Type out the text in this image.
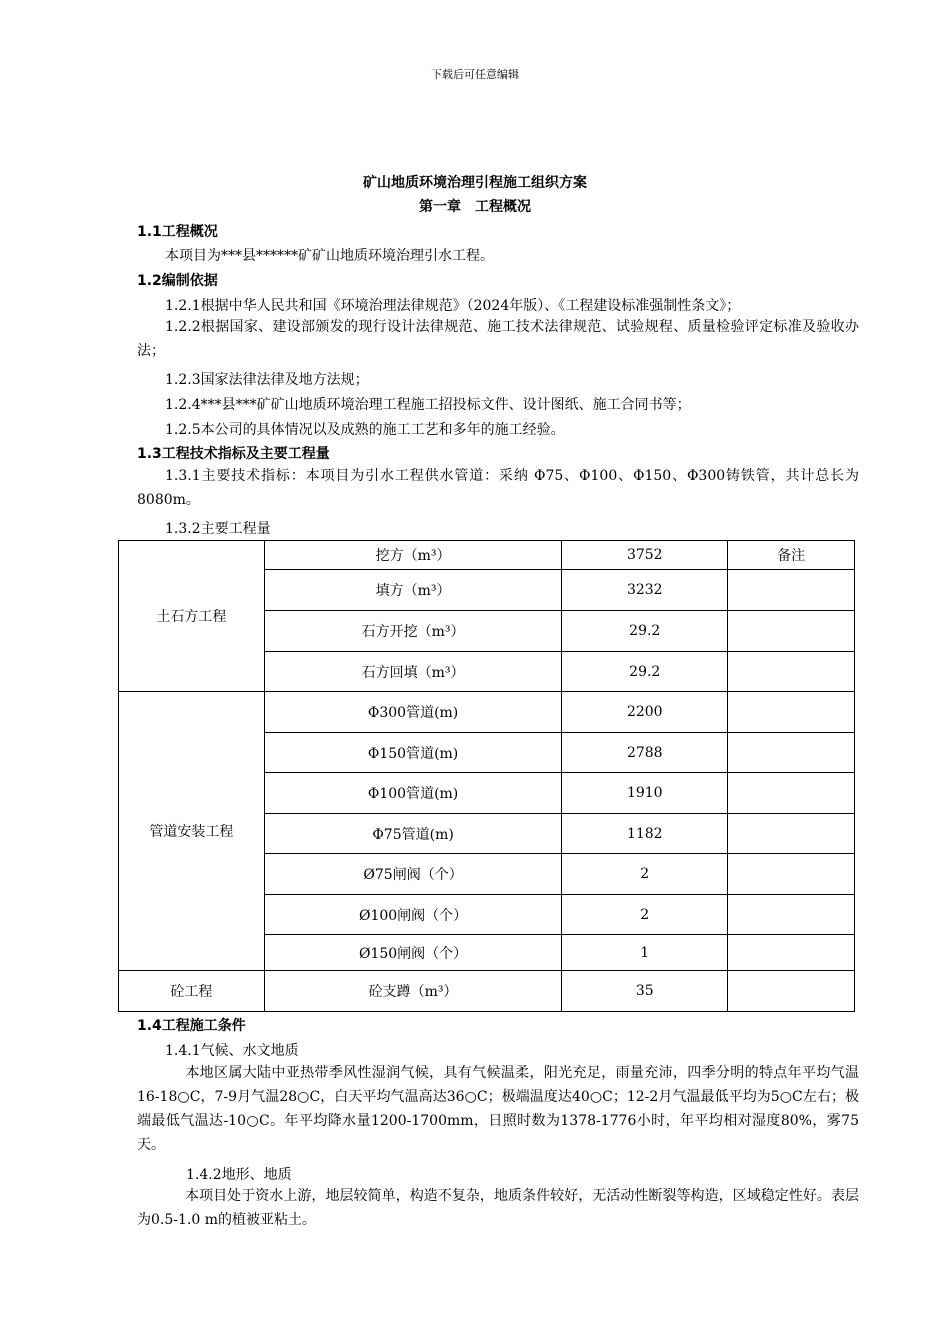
下载后可任意编辑
矿山地质环境治理引程施工组织方案
第一章　工程概况
1.1工程概况
本项目为***县******矿矿山地质环境治理引水工程。
1.2编制依据
1.2.1根据中华人民共和国《环境治理法律规范》（2024年版）、《工程建设标准强制性条文》；
1.2.2根据国家、建设部颁发的现行设计法律规范、施工技术法律规范、试验规程、质量检验评定标准及验收办法；
1.2.3国家法律法律及地方法规；
1.2.4***县***矿矿山地质环境治理工程施工招投标文件、设计图纸、施工合同书等；
1.2.5本公司的具体情况以及成熟的施工工艺和多年的施工经验。
1.3工程技术指标及主要工程量
1.3.1主要技术指标：本项目为引水工程供水管道：采纳 Φ75、Φ100、Φ150、Φ300铸铁管，共计总长为8080m。
1.3.2主要工程量
土石方工程	挖方（m³）	3752	备注
	填方（m³）	3232	
	石方开挖（m³）	29.2	
	石方回填（m³）	29.2	
管道安装工程	Φ300管道(m)	2200	
	Φ150管道(m)	2788	
	Φ100管道(m)	1910	
	Φ75管道(m)	1182	
	Ø75闸阀（个）	2	
	Ø100闸阀（个）	2	
	Ø150闸阀（个）	1	
砼工程	砼支蹲（m³）	35	
1.4工程施工条件
1.4.1气候、水文地质
本地区属大陆中亚热带季风性湿润气候，具有气候温柔，阳光充足，雨量充沛，四季分明的特点年平均气温16-18○C，7-9月气温28○C，白天平均气温高达36○C；极端温度达40○C；12-2月气温最低平均为5○C左右；极端最低气温达-10○C。年平均降水量1200-1700mm，日照时数为1378-1776小时，年平均相对湿度80%，雾75天。
1.4.2地形、地质
本项目处于资水上游，地层较简单，构造不复杂，地质条件较好，无活动性断裂等构造，区域稳定性好。表层为0.5-1.0 m的植被亚粘土。
